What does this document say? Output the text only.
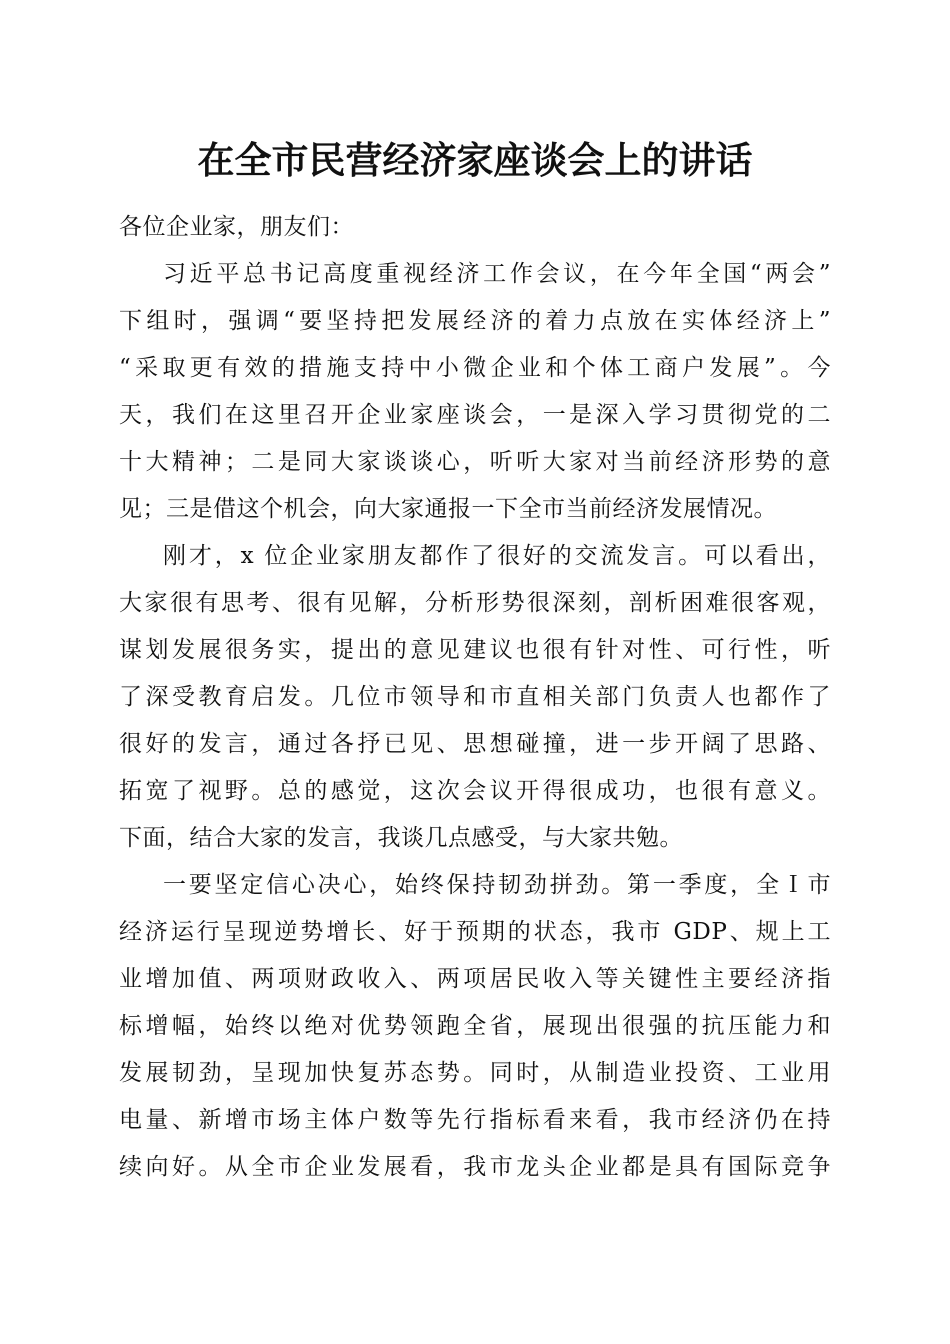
在全市民营经济家座谈会上的讲话
各位企业家，朋友们：
习近平总书记高度重视经济工作会议，在今年全国“两会”
下组时，强调“要坚持把发展经济的着力点放在实体经济上”
“采取更有效的措施支持中小微企业和个体工商户发展”。今
天，我们在这里召开企业家座谈会，一是深入学习贯彻党的二
十大精神；二是同大家谈谈心，听听大家对当前经济形势的意
见；三是借这个机会，向大家通报一下全市当前经济发展情况。
刚才，x 位企业家朋友都作了很好的交流发言。可以看出，
大家很有思考、很有见解，分析形势很深刻，剖析困难很客观，
谋划发展很务实，提出的意见建议也很有针对性、可行性，听
了深受教育启发。几位市领导和市直相关部门负责人也都作了
很好的发言，通过各抒已见、思想碰撞，进一步开阔了思路、
拓宽了视野。总的感觉，这次会议开得很成功，也很有意义。
下面，结合大家的发言，我谈几点感受，与大家共勉。
一要坚定信心决心，始终保持韧劲拼劲。第一季度，全Ｉ市
经济运行呈现逆势增长、好于预期的状态，我市 GDP、规上工
业增加值、两项财政收入、两项居民收入等关键性主要经济指
标增幅，始终以绝对优势领跑全省，展现出很强的抗压能力和
发展韧劲，呈现加快复苏态势。同时，从制造业投资、工业用
电量、新增市场主体户数等先行指标看来看，我市经济仍在持
续向好。从全市企业发展看，我市龙头企业都是具有国际竞争
